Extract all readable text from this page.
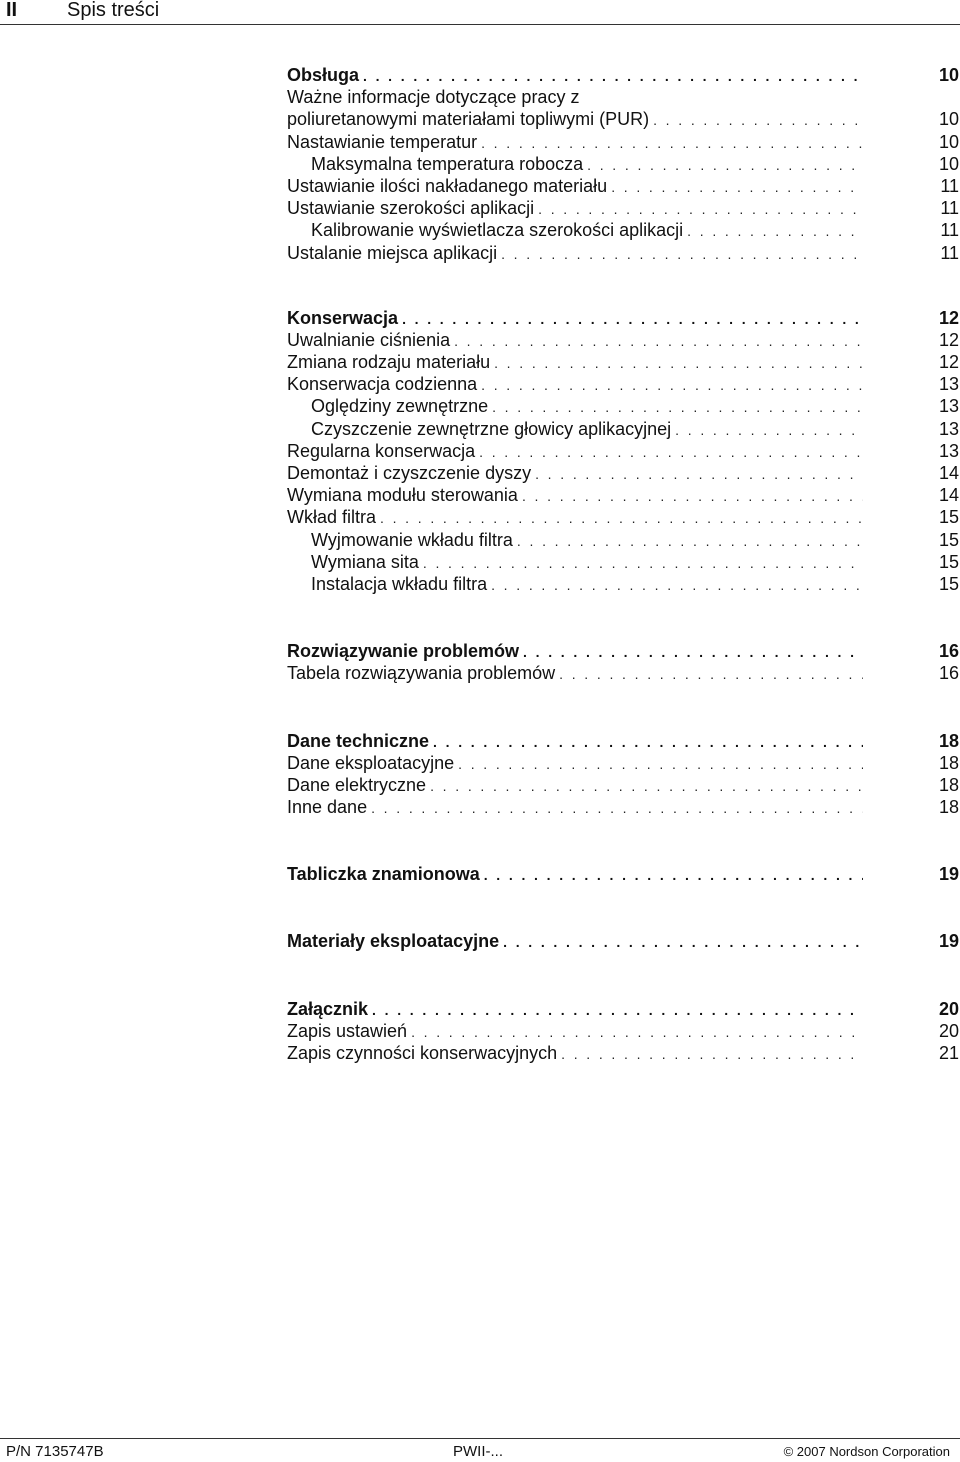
II Spis treści
Obsługa . . .	10
Ważne informacje dotyczące pracy z
poliuretanowymi materiałami topliwymi (PUR) . . .	10
Nastawianie temperatur . . .	10
Maksymalna temperatura robocza . . .	10
Ustawianie ilości nakładanego materiału . . .	11
Ustawianie szerokości aplikacji . . .	11
Kalibrowanie wyświetlacza szerokości aplikacji . . .	11
Ustalanie miejsca aplikacji . . .	11
Konserwacja . . .	12
Uwalnianie ciśnienia . . .	12
Zmiana rodzaju materiału . . .	12
Konserwacja codzienna . . .	13
Oględziny zewnętrzne . . .	13
Czyszczenie zewnętrzne głowicy aplikacyjnej . . .	13
Regularna konserwacja . . .	13
Demontaż i czyszczenie dyszy . . .	14
Wymiana modułu sterowania . . .	14
Wkład filtra . . .	15
Wyjmowanie wkładu filtra . . .	15
Wymiana sita . . .	15
Instalacja wkładu filtra . . .	15
Rozwiązywanie problemów . . .	16
Tabela rozwiązywania problemów . . .	16
Dane techniczne . . .	18
Dane eksploatacyjne . . .	18
Dane elektryczne . . .	18
Inne dane . . .	18
Tabliczka znamionowa . . .	19
Materiały eksploatacyjne . . .	19
Załącznik . . .	20
Zapis ustawień . . .	20
Zapis czynności konserwacyjnych . . .	21
P/N 7135747B	PWII-...	© 2007 Nordson Corporation
